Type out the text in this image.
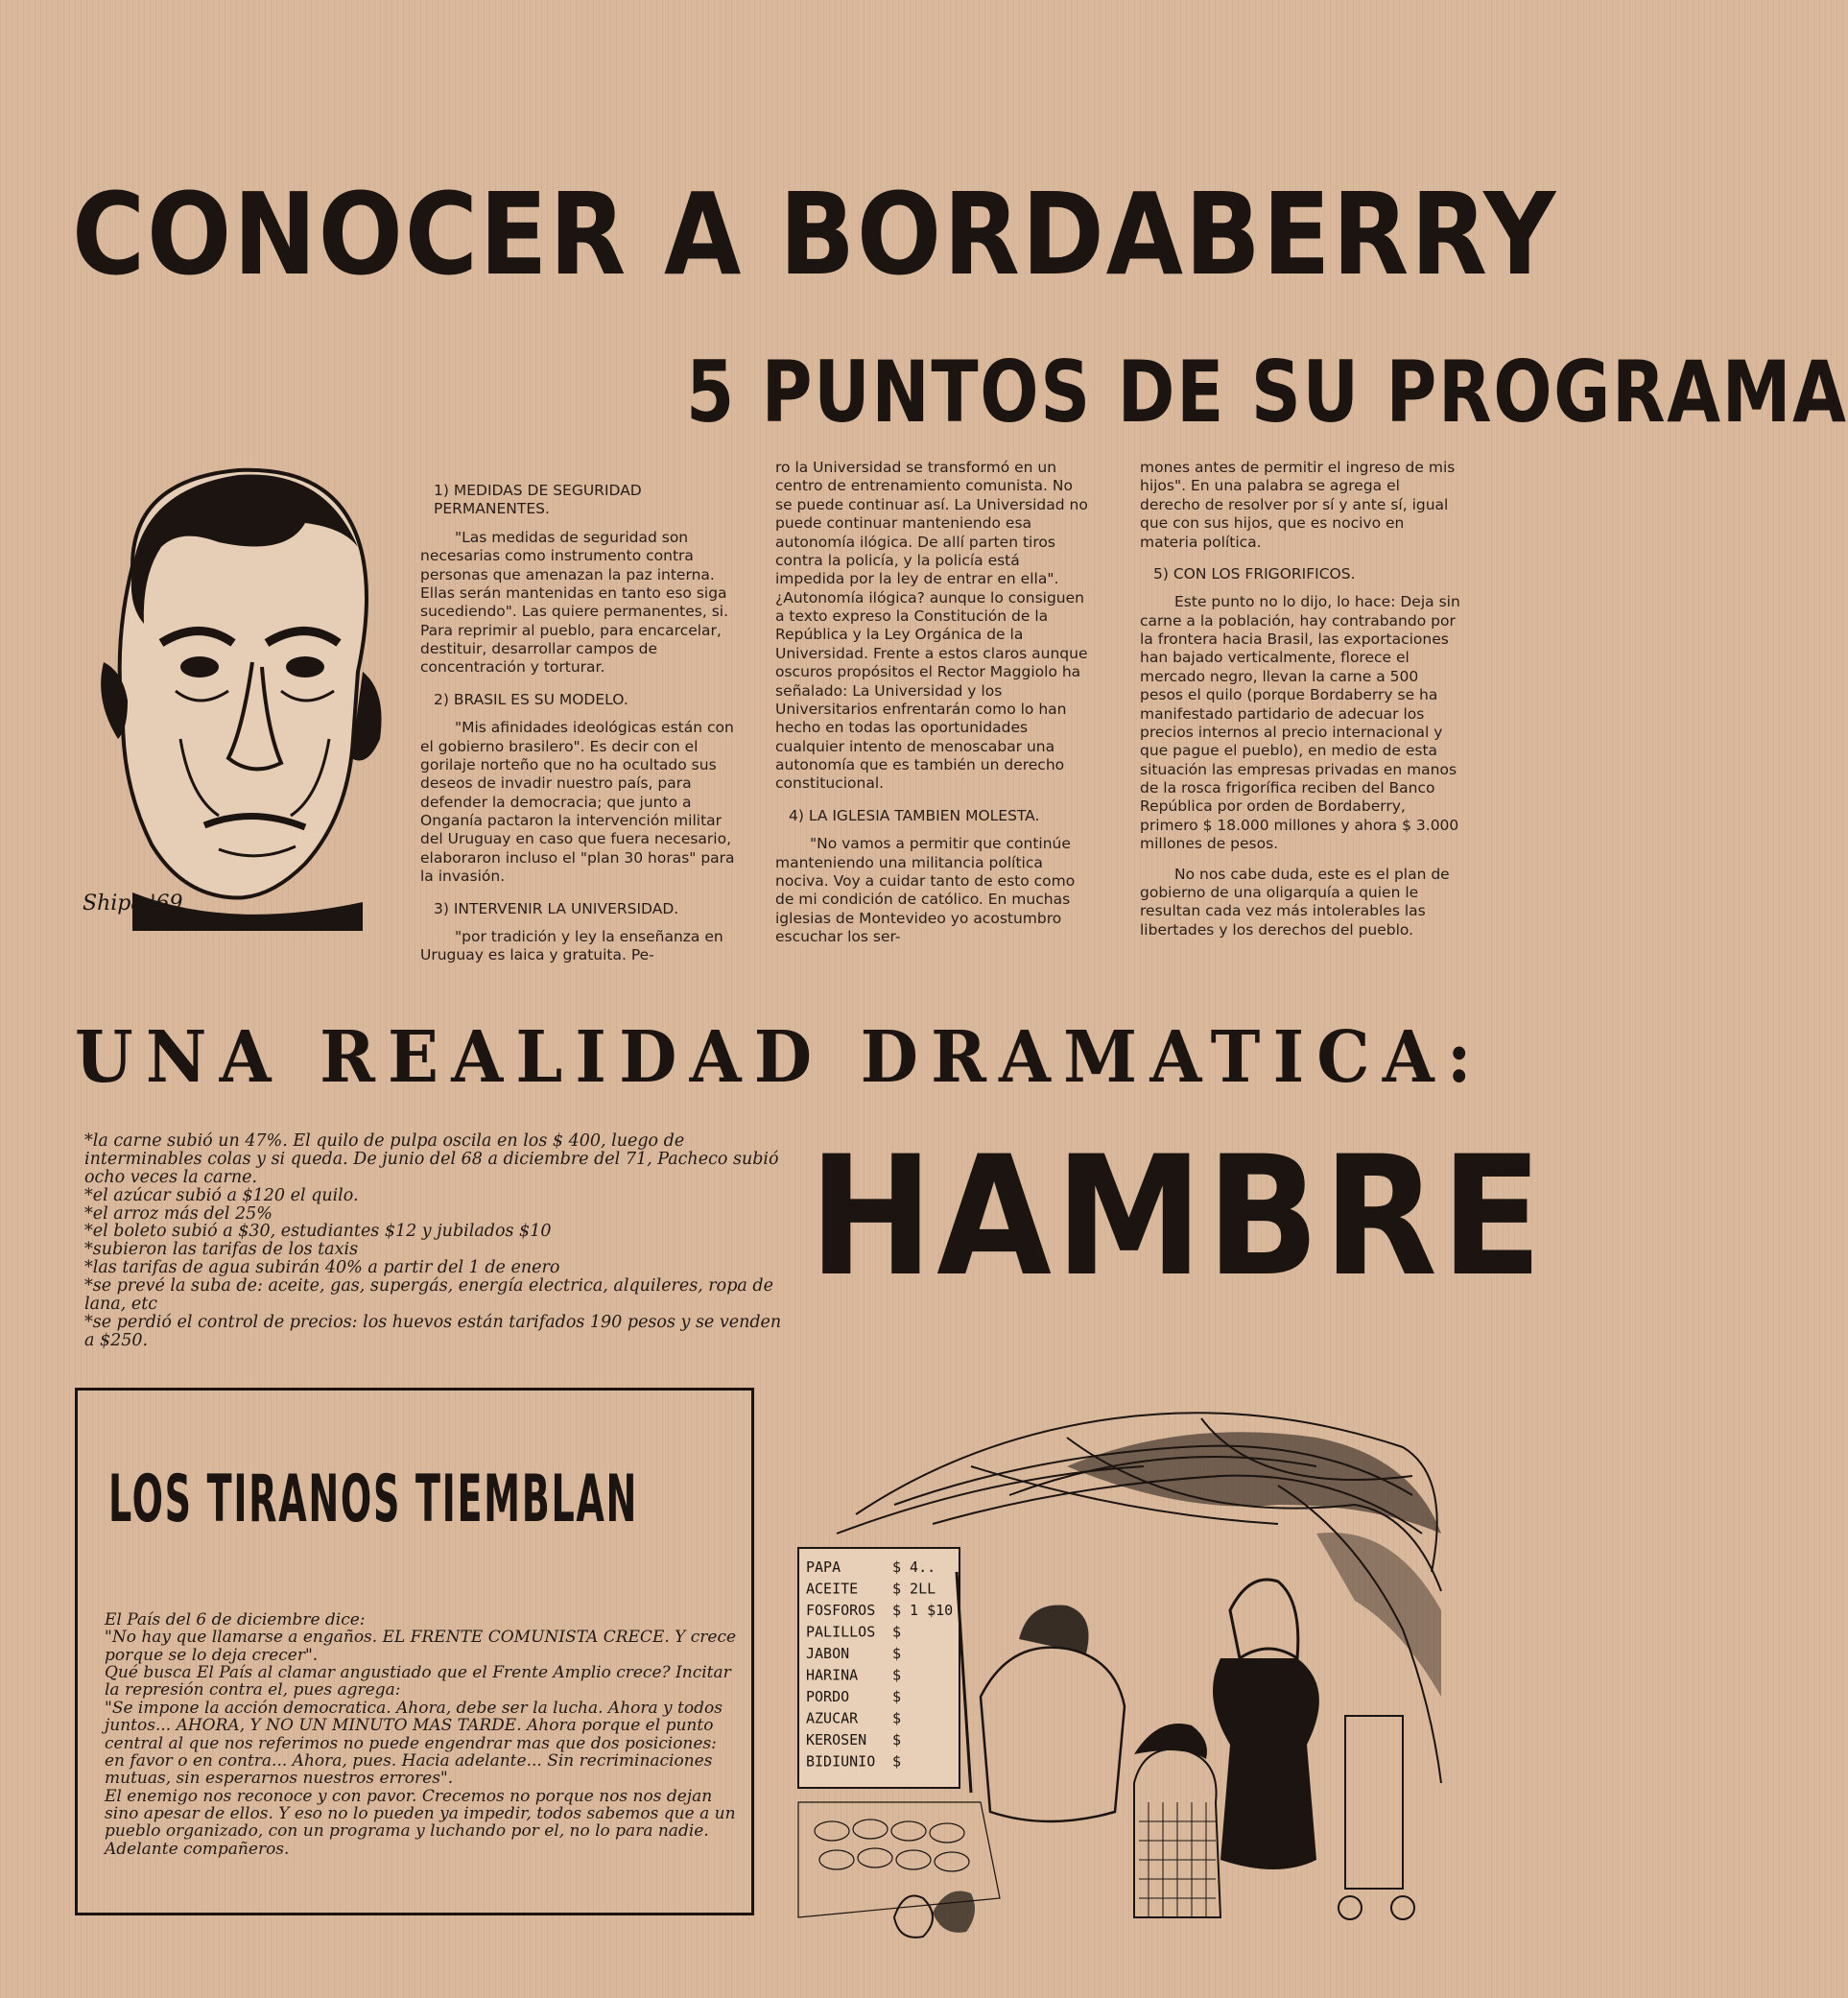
CONOCER A BORDABERRY
5 PUNTOS DE SU PROGRAMA
Shipa '69

1) MEDIDAS DE SEGURIDAD PERMANENTES.

"Las medidas de seguridad son necesarias como instrumento contra personas que amenazan la paz interna. Ellas serán mantenidas en tanto eso siga sucediendo". Las quiere permanentes, si. Para reprimir al pueblo, para encarcelar, destituir, desarrollar campos de concentración y torturar.

2) BRASIL ES SU MODELO.

"Mis afinidades ideológicas están con el gobierno brasilero". Es decir con el gorilaje norteño que no ha ocultado sus deseos de invadir nuestro país, para defender la democracia; que junto a Onganía pactaron la intervención militar del Uruguay en caso que fuera necesario, elaboraron incluso el "plan 30 horas" para la invasión.

3) INTERVENIR LA UNIVERSIDAD.

"por tradición y ley la enseñanza en Uruguay es laica y gratuita. Pe-

ro la Universidad se transformó en un centro de entrenamiento comunista. No se puede continuar así. La Universidad no puede continuar manteniendo esa autonomía ilógica. De allí parten tiros contra la policía, y la policía está impedida por la ley de entrar en ella". ¿Autonomía ilógica? aunque lo consiguen a texto expreso la Constitución de la República y la Ley Orgánica de la Universidad. Frente a estos claros aunque oscuros propósitos el Rector Maggiolo ha señalado: La Universidad y los Universitarios enfrentarán como lo han hecho en todas las oportunidades cualquier intento de menoscabar una autonomía que es también un derecho constitucional.

4) LA IGLESIA TAMBIEN MOLESTA.

"No vamos a permitir que continúe manteniendo una militancia política nociva. Voy a cuidar tanto de esto como de mi condición de católico. En muchas iglesias de Montevideo yo acostumbro escuchar los ser-

mones antes de permitir el ingreso de mis hijos". En una palabra se agrega el derecho de resolver por sí y ante sí, igual que con sus hijos, que es nocivo en materia política.

5) CON LOS FRIGORIFICOS.

Este punto no lo dijo, lo hace: Deja sin carne a la población, hay contrabando por la frontera hacia Brasil, las exportaciones han bajado verticalmente, florece el mercado negro, llevan la carne a 500 pesos el quilo (porque Bordaberry se ha manifestado partidario de adecuar los precios internos al precio internacional y que pague el pueblo), en medio de esta situación las empresas privadas en manos de la rosca frigorífica reciben del Banco República por orden de Bordaberry, primero $ 18.000 millones y ahora $ 3.000 millones de pesos.

No nos cabe duda, este es el plan de gobierno de una oligarquía a quien le resultan cada vez más intolerables las libertades y los derechos del pueblo.

UNA REALIDAD DRAMATICA:
*la carne subió un 47%. El quilo de pulpa oscila en los $ 400, luego de interminables colas y si queda. De junio del 68 a diciembre del 71, Pacheco subió ocho veces la carne.
*el azúcar subió a $120 el quilo.
*el arroz más del 25%
*el boleto subió a $30, estudiantes $12 y jubilados $10
*subieron las tarifas de los taxis
*las tarifas de agua subirán 40% a partir del 1 de enero
*se prevé la suba de: aceite, gas, supergás, energía electrica, alquileres, ropa de lana, etc
*se perdió el control de precios: los huevos están tarifados 190 pesos y se venden a $250.
HAMBRE
LOS TIRANOS TIEMBLAN
El País del 6 de diciembre dice:
"No hay que llamarse a engaños. EL FRENTE COMUNISTA CRECE. Y crece porque se lo deja crecer".
Qué busca El País al clamar angustiado que el Frente Amplio crece? Incitar la represión contra el, pues agrega:
"Se impone la acción democratica. Ahora, debe ser la lucha. Ahora y todos juntos... AHORA, Y NO UN MINUTO MAS TARDE. Ahora porque el punto central al que nos referimos no puede engendrar mas que dos posiciones: en favor o en contra... Ahora, pues. Hacia adelante... Sin recriminaciones mutuas, sin esperarnos nuestros errores".
El enemigo nos reconoce y con pavor. Crecemos no porque nos nos dejan sino apesar de ellos. Y eso no lo pueden ya impedir, todos sabemos que a un pueblo organizado, con un programa y luchando por el, no lo para nadie. Adelante compañeros.
PAPA	$ 4..
ACEITE $ 2LL
FOSFOROS $ 1 $10
PALILLOS $
JABON	$
HARINA $
PORDO	$
AZUCAR $
KEROSEN $
BIDIUNIO $
